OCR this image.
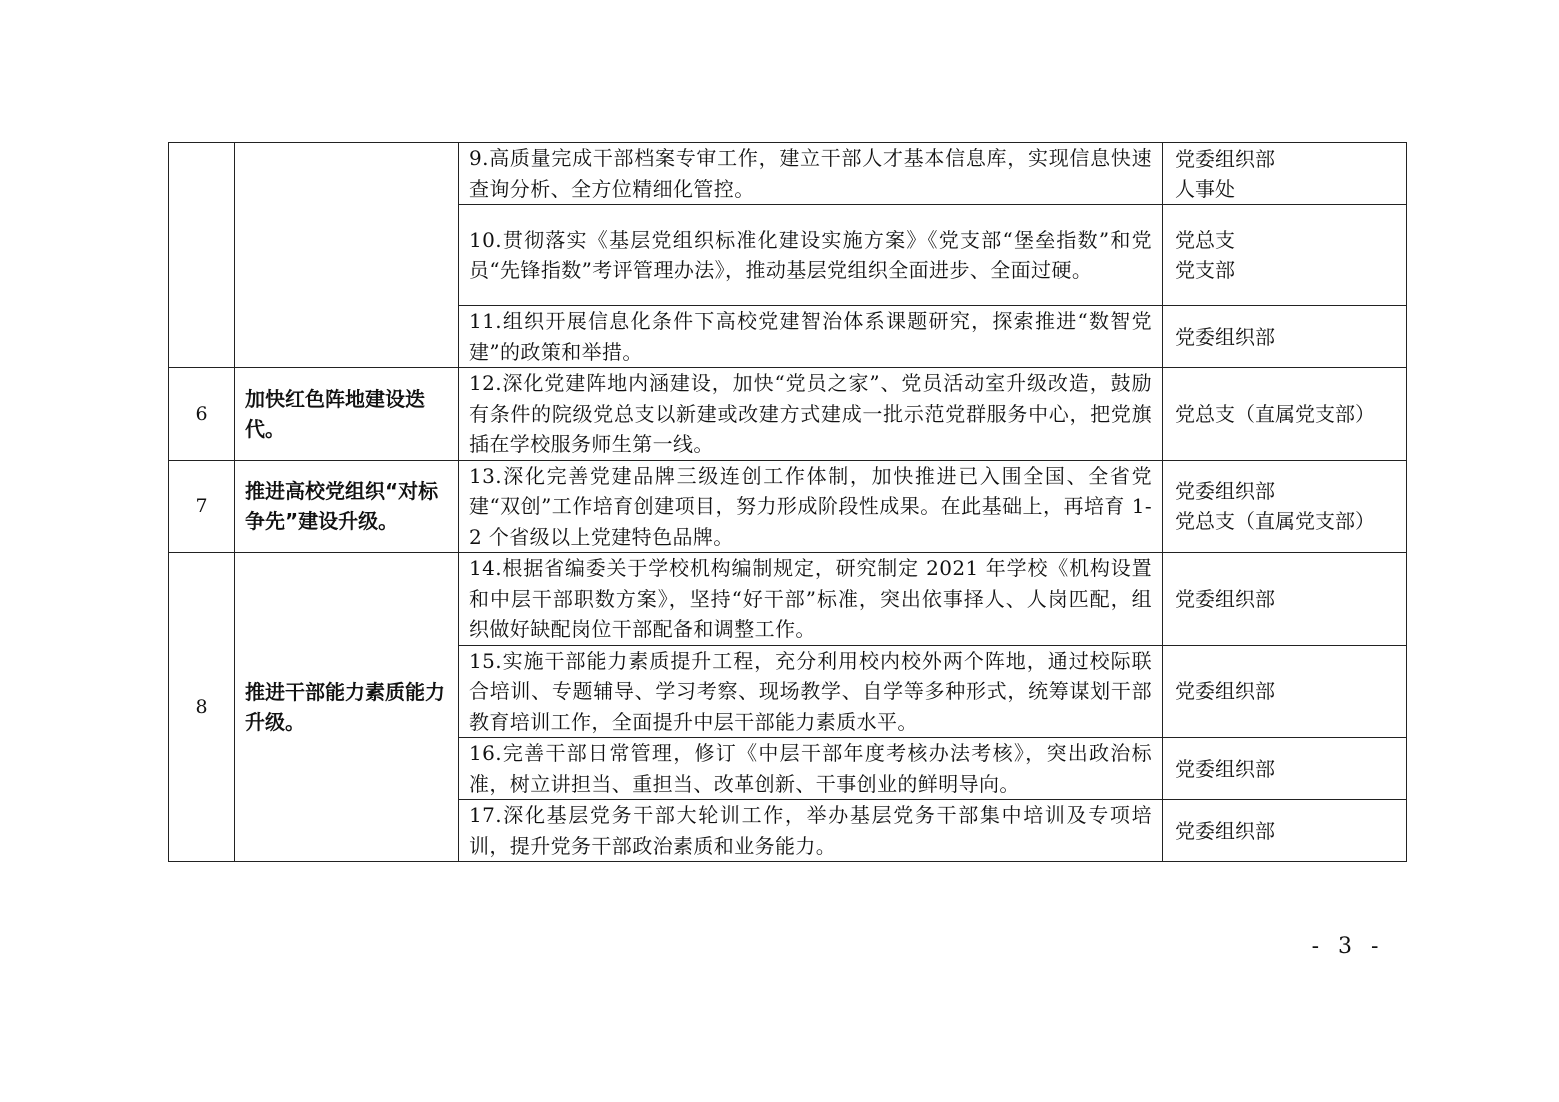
		9.高质量完成干部档案专审工作，建立干部人才基本信息库，实现信息快速查询分析、全方位精细化管控。	党委组织部
人事处

		10.贯彻落实《基层党组织标准化建设实施方案》《党支部“堡垒指数”和党员“先锋指数”考评管理办法》，推动基层党组织全面进步、全面过硬。	党总支
党支部

		11.组织开展信息化条件下高校党建智治体系课题研究，探索推进“数智党建”的政策和举措。	党委组织部

6	加快红色阵地建设迭代。	12.深化党建阵地内涵建设，加快“党员之家”、党员活动室升级改造，鼓励有条件的院级党总支以新建或改建方式建成一批示范党群服务中心，把党旗插在学校服务师生第一线。	党总支（直属党支部）

7	推进高校党组织“对标争先”建设升级。	13.深化完善党建品牌三级连创工作体制，加快推进已入围全国、全省党建“双创”工作培育创建项目，努力形成阶段性成果。在此基础上，再培育 1-2 个省级以上党建特色品牌。	党委组织部
党总支（直属党支部）

8	推进干部能力素质能力升级。	14.根据省编委关于学校机构编制规定，研究制定 2021 年学校《机构设置和中层干部职数方案》，坚持“好干部”标准，突出依事择人、人岗匹配，组织做好缺配岗位干部配备和调整工作。	党委组织部

		15.实施干部能力素质提升工程，充分利用校内校外两个阵地，通过校际联合培训、专题辅导、学习考察、现场教学、自学等多种形式，统筹谋划干部教育培训工作，全面提升中层干部能力素质水平。	党委组织部

		16.完善干部日常管理，修订《中层干部年度考核办法考核》，突出政治标准，树立讲担当、重担当、改革创新、干事创业的鲜明导向。	党委组织部

		17.深化基层党务干部大轮训工作，举办基层党务干部集中培训及专项培训，提升党务干部政治素质和业务能力。	党委组织部
- 3 -
